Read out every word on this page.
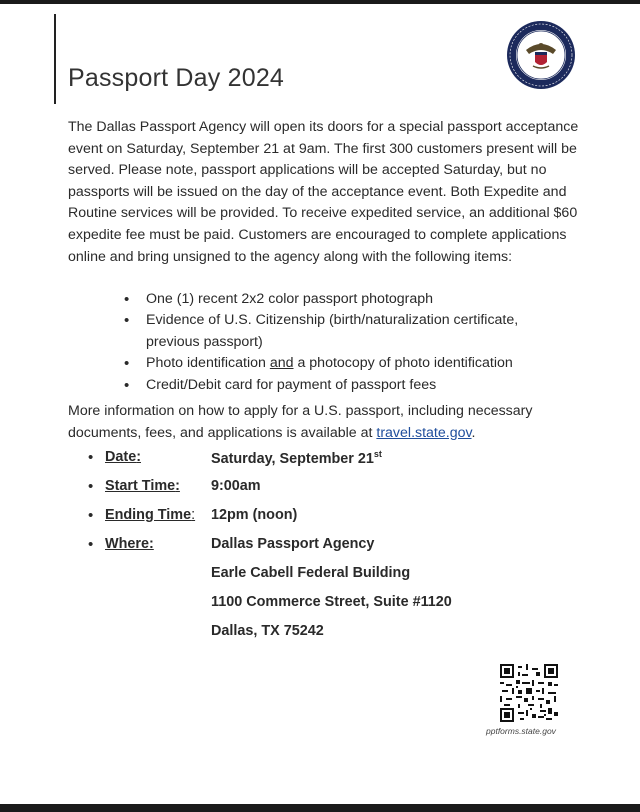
Passport Day 2024
The Dallas Passport Agency will open its doors for a special passport acceptance event on Saturday, September 21 at 9am. The first 300 customers present will be served. Please note, passport applications will be accepted Saturday, but no passports will be issued on the day of the acceptance event. Both Expedite and Routine services will be provided. To receive expedited service, an additional $60 expedite fee must be paid. Customers are encouraged to complete applications online and bring unsigned to the agency along with the following items:
• One (1) recent 2x2 color passport photograph
• Evidence of U.S. Citizenship (birth/naturalization certificate, previous passport)
• Photo identification and a photocopy of photo identification
• Credit/Debit card for payment of passport fees
More information on how to apply for a U.S. passport, including necessary documents, fees, and applications is available at travel.state.gov.
• Date:	Saturday, September 21st
• Start Time: 9:00am
• Ending Time: 12pm (noon)
• Where:	Dallas Passport Agency
Earle Cabell Federal Building
1100 Commerce Street, Suite #1120
Dallas, TX 75242
pptforms.state.gov
